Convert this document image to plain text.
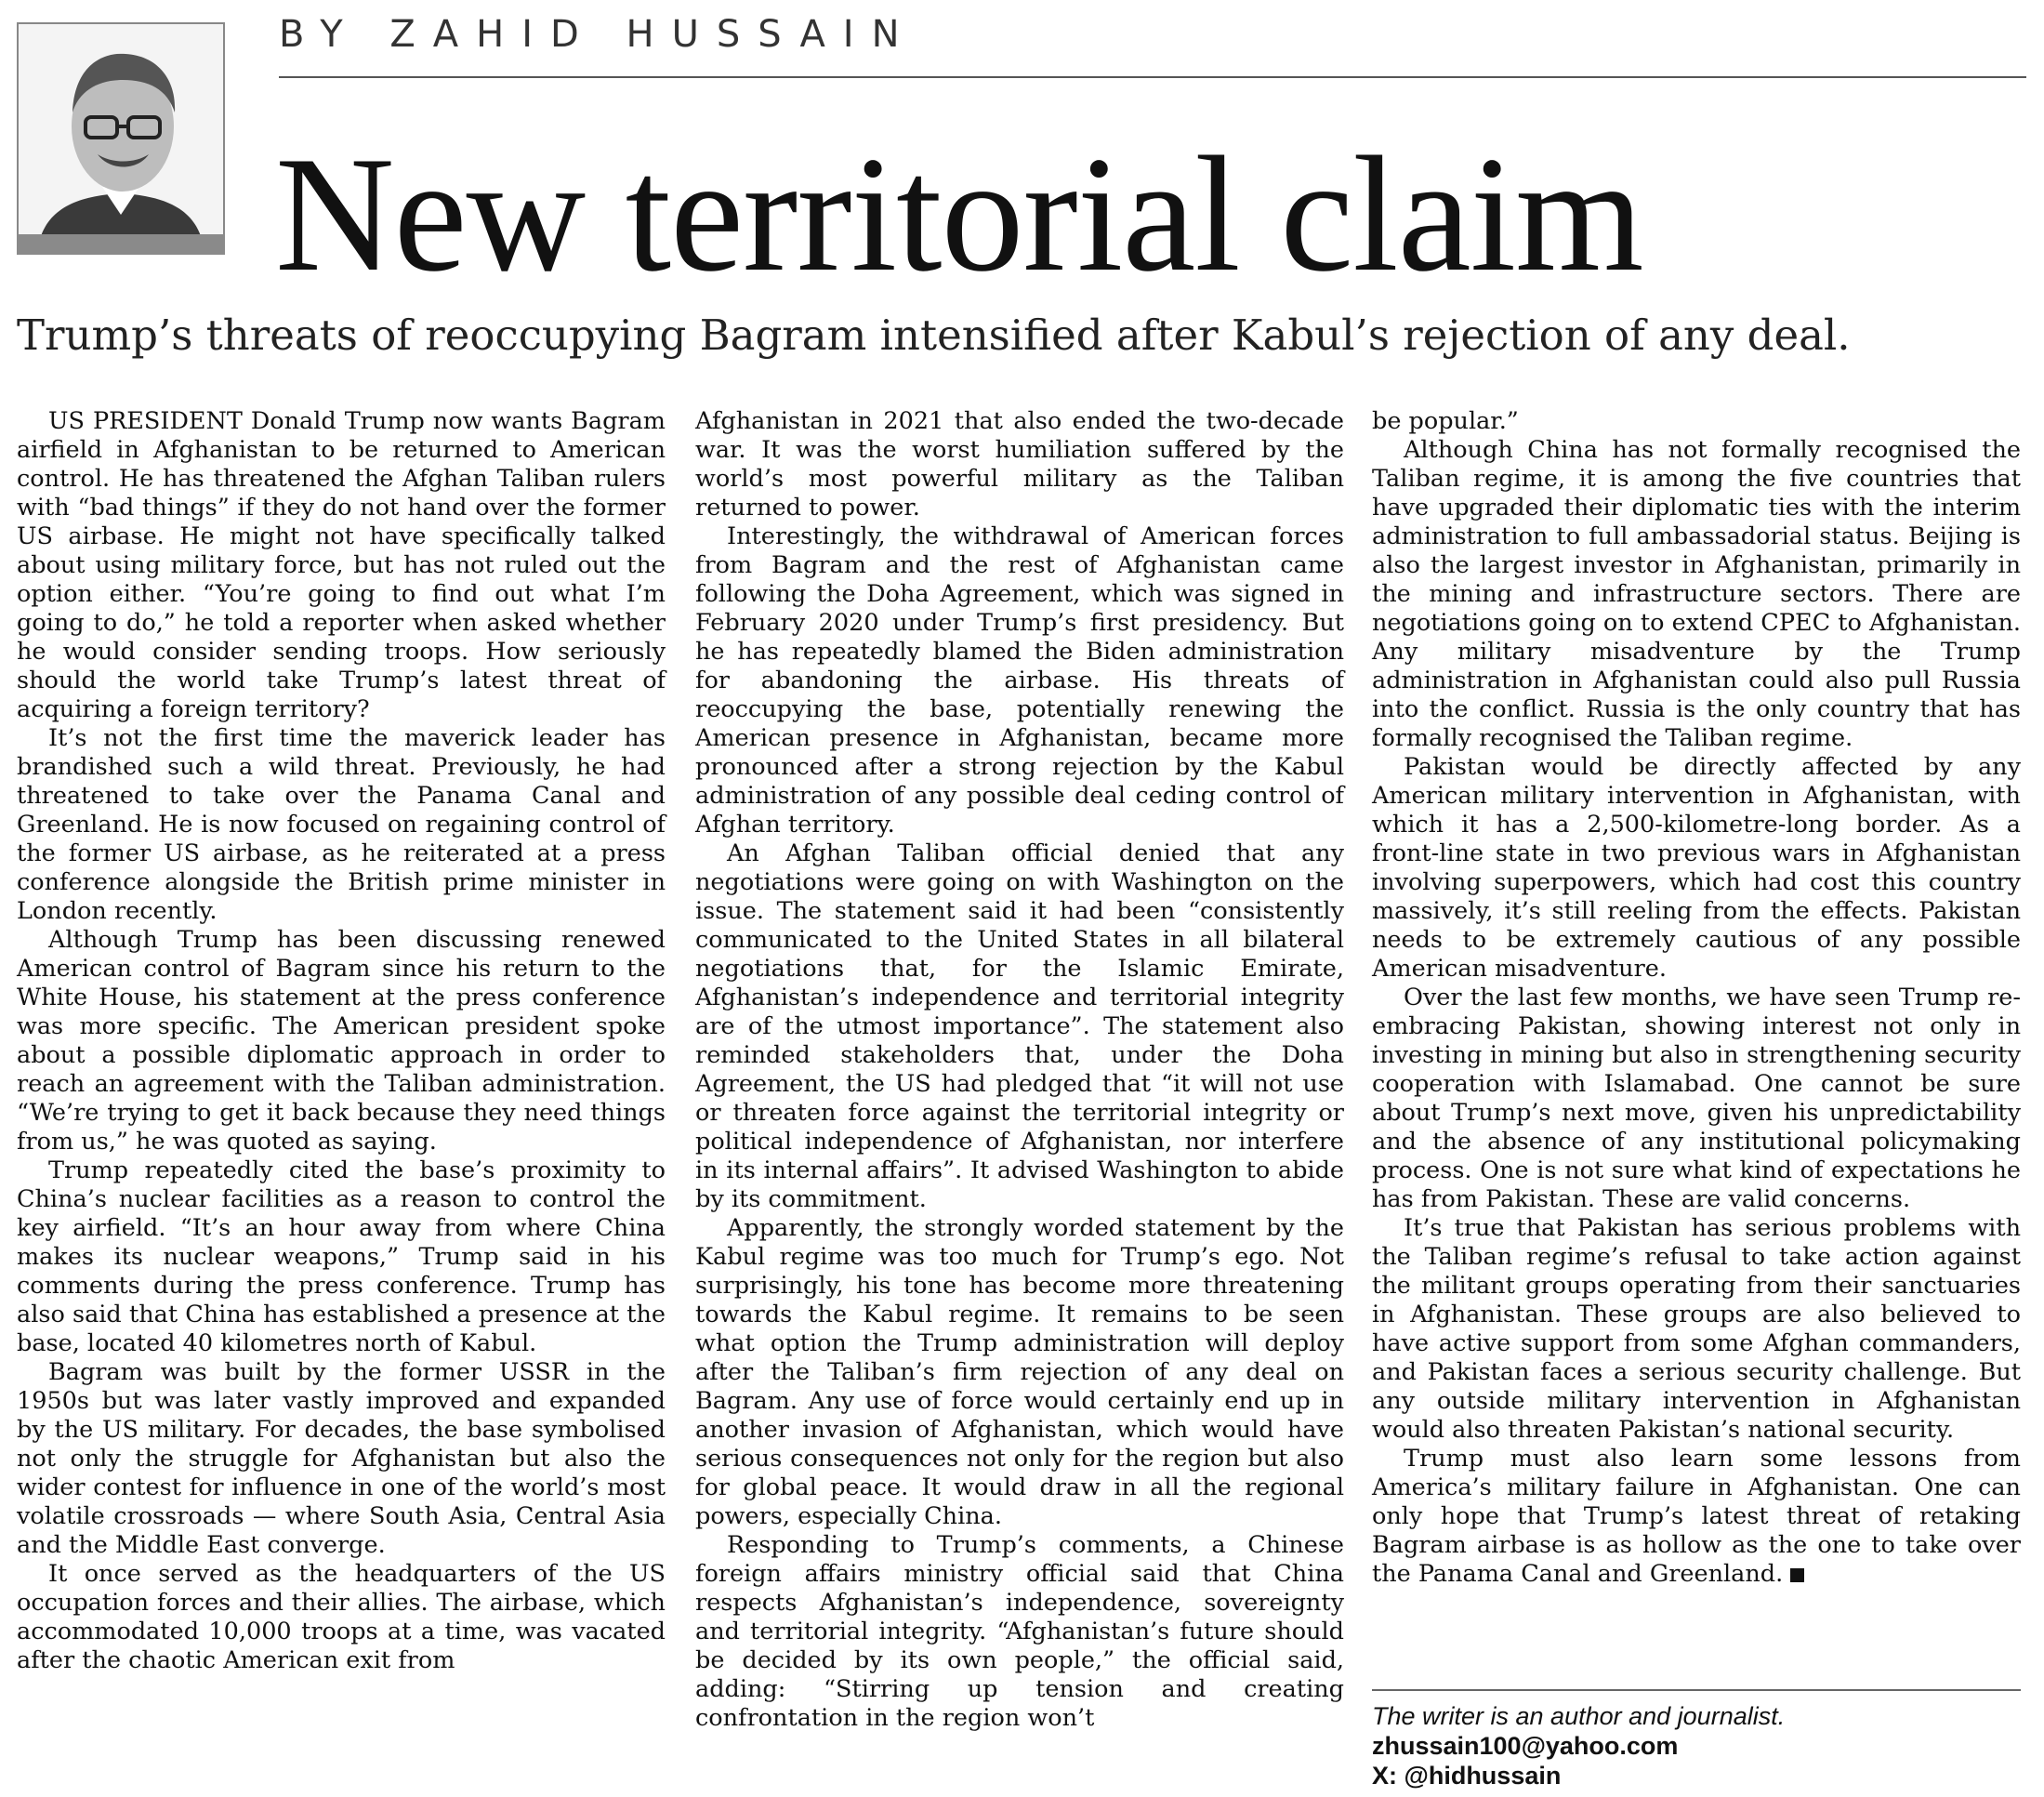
BY ZAHID HUSSAIN
New territorial claim
Trump’s threats of reoccupying Bagram intensified after Kabul’s rejection of any deal.

US PRESIDENT Donald Trump now wants Bagram airfield in Afghanistan to be returned to American control. He has threatened the Afghan Taliban rulers with “bad things” if they do not hand over the former US airbase. He might not have specifically talked about using military force, but has not ruled out the option either. “You’re going to find out what I’m going to do,” he told a reporter when asked whether he would consider sending troops. How seriously should the world take Trump’s latest threat of acquiring a foreign territory?

It’s not the first time the maverick leader has brandished such a wild threat. Previously, he had threatened to take over the Panama Canal and Greenland. He is now focused on regaining control of the former US airbase, as he reiterated at a press conference alongside the British prime minister in London recently.

Although Trump has been discussing renewed American control of Bagram since his return to the White House, his statement at the press conference was more specific. The American president spoke about a possible diplomatic approach in order to reach an agreement with the Taliban administration. “We’re trying to get it back because they need things from us,” he was quoted as saying.

Trump repeatedly cited the base’s proximity to China’s nuclear facilities as a reason to control the key airfield. “It’s an hour away from where China makes its nuclear weapons,” Trump said in his comments during the press conference. Trump has also said that China has established a presence at the base, located 40 kilometres north of Kabul.

Bagram was built by the former USSR in the 1950s but was later vastly improved and expanded by the US military. For decades, the base symbolised not only the struggle for Afghanistan but also the wider contest for influence in one of the world’s most volatile crossroads — where South Asia, Central Asia and the Middle East converge.

It once served as the headquarters of the US occupation forces and their allies. The airbase, which accommodated 10,000 troops at a time, was vacated after the chaotic American exit from

Afghanistan in 2021 that also ended the two-decade war. It was the worst humiliation suffered by the world’s most powerful military as the Taliban returned to power.

Interestingly, the withdrawal of American forces from Bagram and the rest of Afghanistan came following the Doha Agreement, which was signed in February 2020 under Trump’s first presidency. But he has repeatedly blamed the Biden administration for abandoning the airbase. His threats of reoccupying the base, potentially renewing the American presence in Afghanistan, became more pronounced after a strong rejection by the Kabul administration of any possible deal ceding control of Afghan territory.

An Afghan Taliban official denied that any negotiations were going on with Washington on the issue. The statement said it had been “consistently communicated to the United States in all bilateral negotiations that, for the Islamic Emirate, Afghanistan’s independence and territorial integrity are of the utmost importance”. The statement also reminded stakeholders that, under the Doha Agreement, the US had pledged that “it will not use or threaten force against the territorial integrity or political independence of Afghanistan, nor interfere in its internal affairs”. It advised Washington to abide by its commitment.

Apparently, the strongly worded statement by the Kabul regime was too much for Trump’s ego. Not surprisingly, his tone has become more threatening towards the Kabul regime. It remains to be seen what option the Trump administration will deploy after the Taliban’s firm rejection of any deal on Bagram. Any use of force would certainly end up in another invasion of Afghanistan, which would have serious consequences not only for the region but also for global peace. It would draw in all the regional powers, especially China.

Responding to Trump’s comments, a Chinese foreign affairs ministry official said that China respects Afghanistan’s independence, sovereignty and territorial integrity. “Afghanistan’s future should be decided by its own people,” the official said, adding: “Stirring up tension and creating confrontation in the region won’t

be popular.”

Although China has not formally recognised the Taliban regime, it is among the five countries that have upgraded their diplomatic ties with the interim administration to full ambassadorial status. Beijing is also the largest investor in Afghanistan, primarily in the mining and infrastructure sectors. There are negotiations going on to extend CPEC to Afghanistan. Any military misadventure by the Trump administration in Afghanistan could also pull Russia into the conflict. Russia is the only country that has formally recognised the Taliban regime.

Pakistan would be directly affected by any American military intervention in Afghanistan, with which it has a 2,500-kilometre-long border. As a front-line state in two previous wars in Afghanistan involving superpowers, which had cost this country massively, it’s still reeling from the effects. Pakistan needs to be extremely cautious of any possible American misadventure.

Over the last few months, we have seen Trump re-embracing Pakistan, showing interest not only in investing in mining but also in strengthening security cooperation with Islamabad. One cannot be sure about Trump’s next move, given his unpredictability and the absence of any institutional policymaking process. One is not sure what kind of expectations he has from Pakistan. These are valid concerns.

It’s true that Pakistan has serious problems with the Taliban regime’s refusal to take action against the militant groups operating from their sanctuaries in Afghanistan. These groups are also believed to have active support from some Afghan commanders, and Pakistan faces a serious security challenge. But any outside military intervention in Afghanistan would also threaten Pakistan’s national security.

Trump must also learn some lessons from America’s military failure in Afghanistan. One can only hope that Trump’s latest threat of retaking Bagram airbase is as hollow as the one to take over the Panama Canal and Greenland.

The writer is an author and journalist.
zhussain100@yahoo.com
X: @hidhussain
